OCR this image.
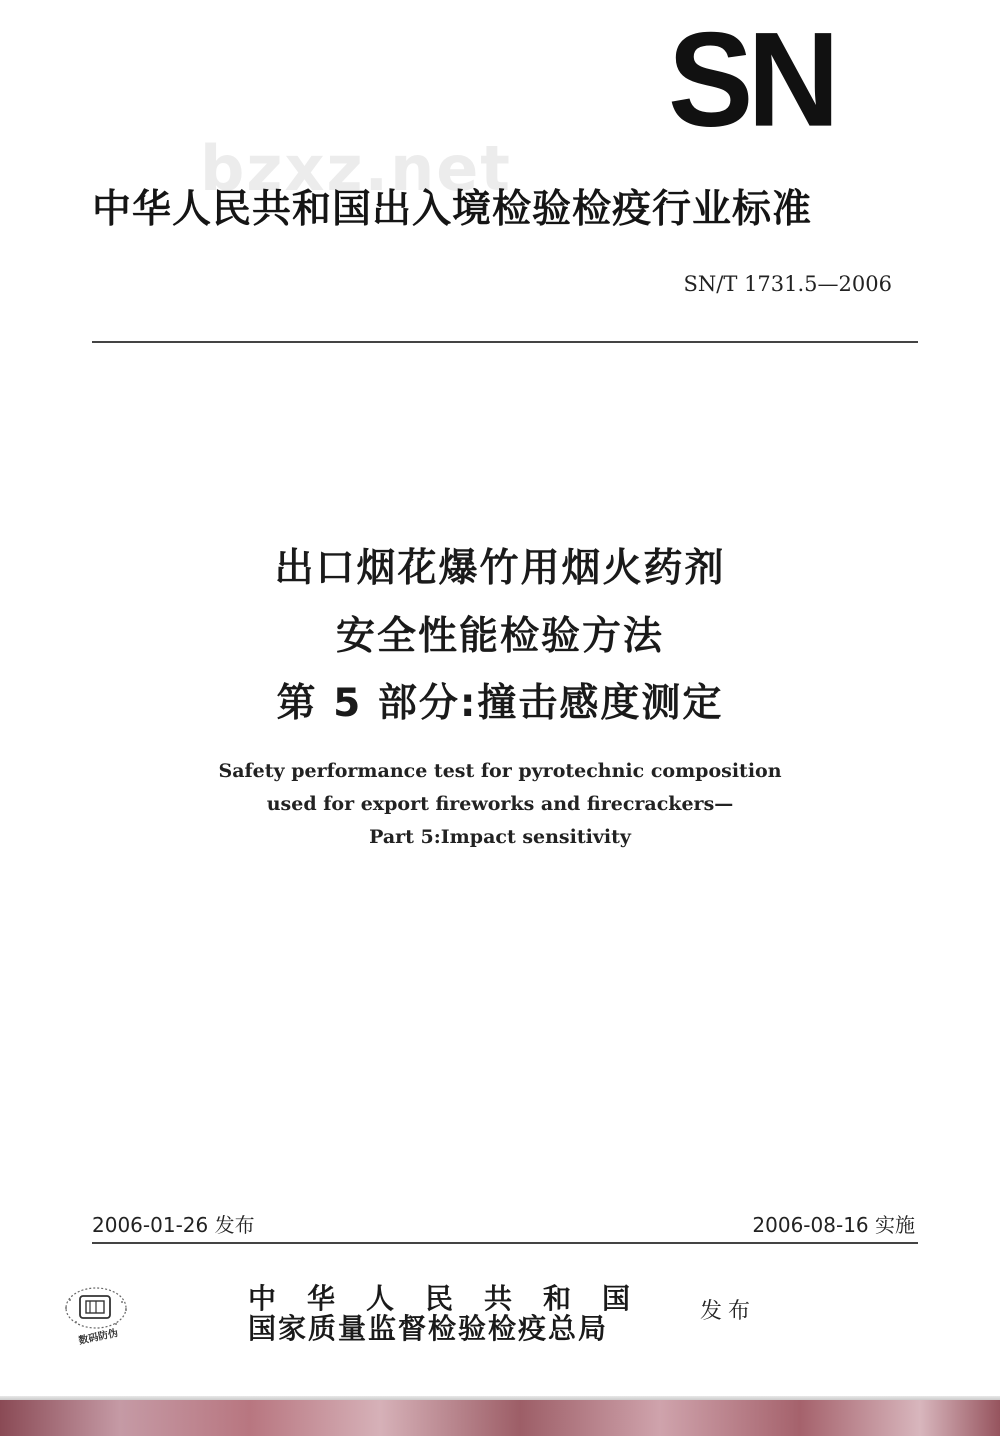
bzxz.net
SN
中华人民共和国出入境检验检疫行业标准
SN/T 1731.5—2006
出口烟花爆竹用烟火药剂
安全性能检验方法
第 5 部分:撞击感度测定
Safety performance test for pyrotechnic composition
used for export fireworks and firecrackers—
Part 5:Impact sensitivity
2006-01-26 发布	2006-08-16 实施
数码防伪
中华人民共和国
国家质量监督检验检疫总局
发布
